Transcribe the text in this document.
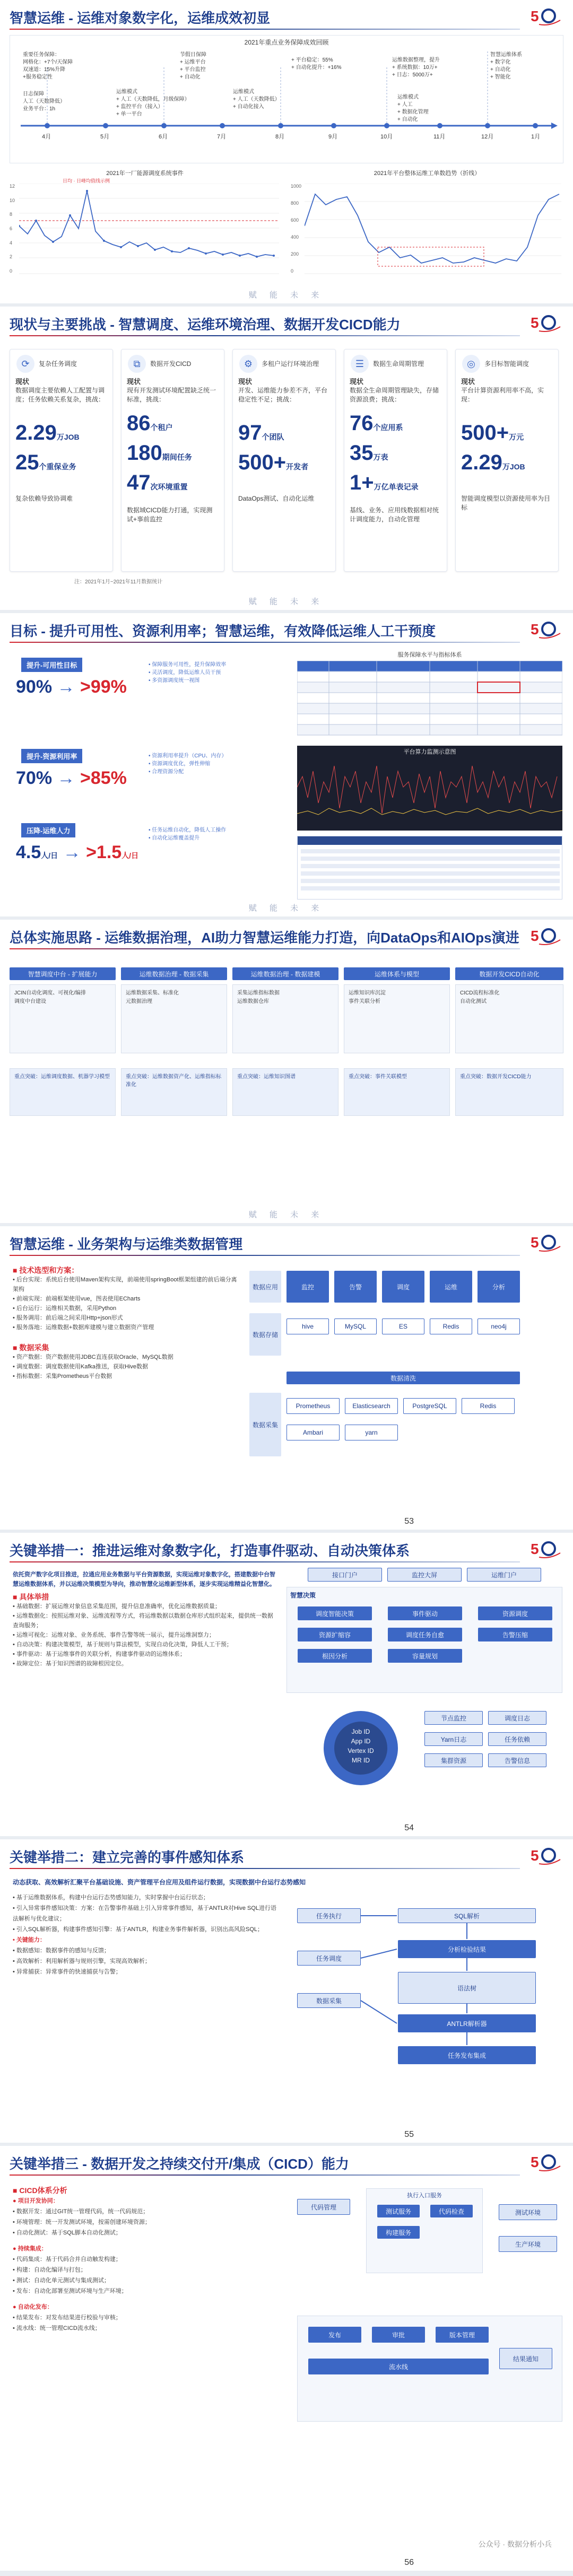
智慧运维 - 运维对象数字化，运维成效初显	5
2021年重点业务保障成效回顾
4月	5月	6月	7月	8月	9月	10月	11月	12月	1月
重要任务保障：
网格化：+7个/天保障
双速道：15%升降
+服务稳定性
日志保障
人工（天数降低）
业务平台：1h
运维模式
+ 人工（天数降低，月级保障）
+ 监控平台（接入）
+ 单一平台
节假日保障
+ 运维平台
+ 平台监控
+ 自动化
运维模式
+ 人工（天数降低）
+ 自动化接入
+ 平台稳定：55%
+ 自动化提升：+16%
运维数据整理，提升
+ 系统数据：10万+
+ 日志：5000万+
运维模式
+ 人工
+ 数据化管理
+ 自动化
智慧运维体系
+ 数字化
+ 自动化
+ 智能化
2021年一厂能源调度系统事件
日均 · 日峰均值线示例
12
10
8
6
4
2
0
2021年平台整体运维工单数趋势（折线）
1000
800
600
400
200
0
赋 能 未 来
现状与主要挑战 - 智慧调度、运维环境治理、数据开发CICD能力	5
⟳	复杂任务调度
现状
数据调度主要依赖人工配置与调度；任务依赖关系复杂，挑战：
2.29万JOB
25个重保业务
复杂依赖导致协调难
⧉	数据开发CICD
现状
现有开发测试环境配置缺乏统一标准，挑战：
86个租户
180期间任务
47次环境重置
数据域CICD能力打通，实现测试+事前监控
⚙	多租户运行环境治理
现状
开发、运维能力参差不齐，平台稳定性不足；挑战：
97个团队
500+开发者
DataOps测试、自动化运维
☰	数据生命周期管理
现状
数据全生命周期管理缺失，存储资源浪费；挑战：
76个应用系
35万表
1+万亿单表记录
基线、业务、应用线数据相对统计调度能力，自动化管理
◎	多目标智能调度
现状
平台计算资源利用率不高，实现：
500+万元
2.29万JOB
智能调度模型以资源使用率为目标
注：2021年1月~2021年11月数据统计
赋 能 未 来
目标 - 提升可用性、资源利用率；智慧运维，有效降低运维人工干预度	5
提升-可用性目标
90% → >99%
• 保障服务可用性，提升保障效率
• 灵活调度，降低运维人员干预
• 多资源调度统一视图
提升-资源利用率
70% → >85%
• 资源利用率提升（CPU、内存）
• 资源调度优化，弹性伸缩
• 合理资源分配
压降-运维人力
4.5人/日 → >1.5人/日
• 任务运维自动化，降低人工操作
• 自动化运维覆盖提升
服务保障水平与指标体系
平台算力监测示意图
赋 能 未 来
总体实施思路 - 运维数据治理，AI助力智慧运维能力打造，向DataOps和AIOps演进 5
智慧调度中台 - 扩展能力	运维数据治理 - 数据采集	运维数据治理 - 数据建模	运维体系与模型	数据开发CICD自动化
JCIN自动化调度、可视化/编排
调度中台建设
运维数据采集、标准化
元数据治理
采集运维指标数据
运维数据仓库
运维知识库沉淀
事件关联分析
CICD流程标准化
自动化测试
重点突破：运维调度数据、机器学习模型	重点突破：运维数据资产化、运维指标标准化
重点突破：运维知识图谱	重点突破：事件关联模型	重点突破：数据开发CICD能力
赋 能 未 来
智慧运维 - 业务架构与运维类数据管理	5
■ 技术选型和方案：
• 后台实现：系统后台使用Maven架构实现，前端使用springBoot框架组建的前后端分离架构
• 前端实现：前端框架使用vue，图表使用ECharts
• 后台运行：运维相关数据，采用Python
• 服务调用：前后端之间采用Http+json形式
• 服务落地：运维数据+数据库建模与建立数据资产管理
■ 数据采集
• 资产数据：资产数据使用JDBC直连获取Oracle、MySQL数据
• 调度数据：调度数据使用Kafka推送，获取Hive数据
• 指标数据：采集Prometheus平台数据
数据应用	监控	告警	调度	运维	分析
数据存储
hive	MySQL	ES	Redis	neo4j
数据清洗
数据采集
Prometheus	Elasticsearch	PostgreSQL	Redis
Ambari	yarn
53
关键举措一：推进运维对象数字化，打造事件驱动、自动决策体系	5
依托资产数字化项目推进，拉通应用业务数据与平台资源数据，实现运维对象数字化，搭建数据中台智慧运维数据体系，并以运维决策模型为导向，推动智慧化运维新型体系，逐步实现运维精益化智慧化。
■ 具体举措
• 基础数据：扩展运维对象信息采集范围，提升信息准确率，优化运维数据质量；
• 运维数据化：按照运维对象、运维流程等方式，将运维数据以数据仓库形式组织起来，提供统一数据查询服务；
• 运维可视化：运维对象、业务系统、事件告警等统一展示，提升运维洞察力；
• 自动决策：构建决策模型，基于规则与算法模型，实现自动化决策，降低人工干预；
• 事件驱动：基于运维事件的关联分析，构建事件驱动的运维体系；
• 故障定位：基于知识图谱的故障根因定位。
接口门户	监控大屏	运维门户
智慧决策
调度智能决策	事件驱动	资源调度
资源扩缩容	调度任务自愈	告警压缩
根因分析	容量规划
Job ID
App ID
Vertex ID
MR ID
节点监控	调度日志
Yarn日志	任务依赖
集群资源	告警信息
54
关键举措二：建立完善的事件感知体系	5
动态获取、高效解析汇聚平台基础设施、资产管理平台应用及组件运行数据，实现数据中台运行态势感知
• 基于运维数据体系，构建中台运行态势感知能力，实时掌握中台运行状态；
• 引入异常事件感知决策：方案：在告警事件基础上引入异常事件感知，基于ANTLR对Hive SQL进行语法解析与优化建议；
• 引入SQL解析器，构建事件感知引擎：基于ANTLR，构建业务事件解析器，识别出高风险SQL；
• 关键能力：
• 数据感知：数据事件的感知与反馈；
• 高效解析：利用解析器与规则引擎，实现高效解析；
• 异常捕获：异常事件的快速捕获与告警；
任务执行
任务调度
数据采集
SQL解析
分析检验结果
语法树
ANTLR解析器
任务发布集成
55
关键举措三 - 数据开发之持续交付开/集成（CICD）能力	5
■ CICD体系分析
● 项目开发协同：
• 数据开发：通过GIT统一管理代码，统一代码规范；
• 环境管理：统一开发测试环境，按需创建环境资源；
• 自动化测试：基于SQL脚本自动化测试；
● 持续集成：
• 代码集成：基于代码合并自动触发构建；
• 构建：自动化编译与打包；
• 测试：自动化单元测试与集成测试；
• 发布：自动化部署至测试环境与生产环境；
● 自动化发布：
• 结果发布：对发布结果进行校验与审核；
• 流水线：统一管理CICD流水线；
代码管理
执行入口服务
测试服务	代码检查
构建服务
测试环境
生产环境
发布	审批	版本管理
流水线
结果通知
公众号 · 数据分析小兵
56
